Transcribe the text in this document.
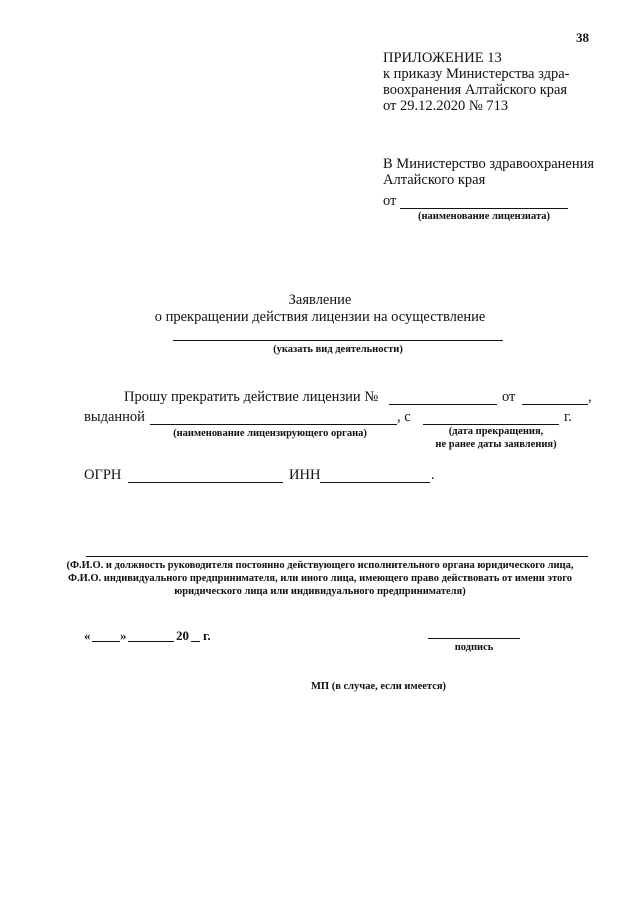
38
ПРИЛОЖЕНИЕ 13
к приказу Министерства здра-
воохранения Алтайского края
от 29.12.2020 № 713
В Министерство здравоохранения
Алтайского края
от
(наименование лицензиата)
Заявление
о прекращении действия лицензии на осуществление
(указать вид деятельности)
Прошу прекратить действие лицензии №	от	,
выданной	, с	г.
(наименование лицензирующего органа)	(дата прекращения,
не ранее даты заявления)
ОГРН	ИНН	.
(Ф.И.О. и должность руководителя постоянно действующего исполнительного органа юридического лица,
Ф.И.О. индивидуального предпринимателя, или иного лица, имеющего право действовать от имени этого
юридического лица или индивидуального предпринимателя)
« »	20 г.
подпись
МП (в случае, если имеется)
